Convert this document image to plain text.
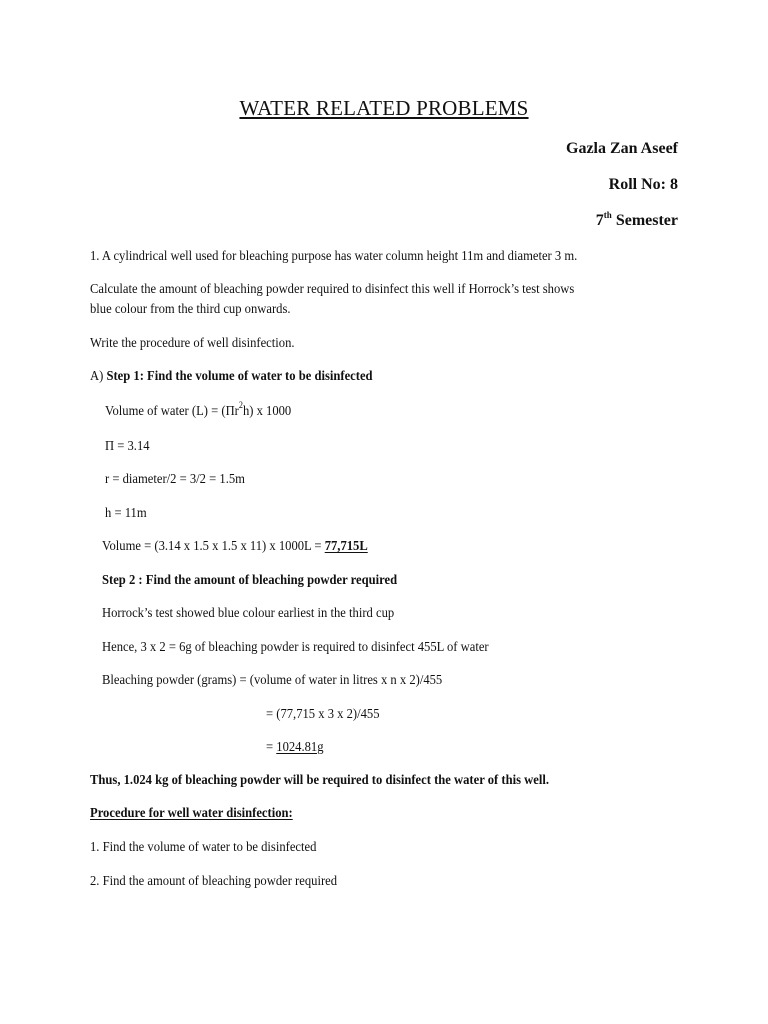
WATER RELATED PROBLEMS
Gazla Zan Aseef
Roll No: 8
7th Semester
1. A cylindrical well used for bleaching purpose has water column height 11m and diameter 3 m.
Calculate the amount of bleaching powder required to disinfect this well if Horrock’s test shows
blue colour from the third cup onwards.
Write the procedure of well disinfection.
A) Step 1: Find the volume of water to be disinfected
Volume of water $(L) = (\Pi r^2h)$ x 1000
Π = 3.14
r = diameter/2 = 3/2 = 1.5m
h = 11m
Volume = (3.14 x 1.5 x 1.5 x 11) x 1000L = 77,715L
Step 2 : Find the amount of bleaching powder required
Horrock’s test showed blue colour earliest in the third cup
Hence, 3 x 2 = 6g of bleaching powder is required to disinfect 455L of water
Bleaching powder (grams) = (volume of water in litres x n x 2)/455
= (77,715 x 3 x 2)/455
= 1024.81g
Thus, 1.024 kg of bleaching powder will be required to disinfect the water of this well.
Procedure for well water disinfection:
1. Find the volume of water to be disinfected
2. Find the amount of bleaching powder required
